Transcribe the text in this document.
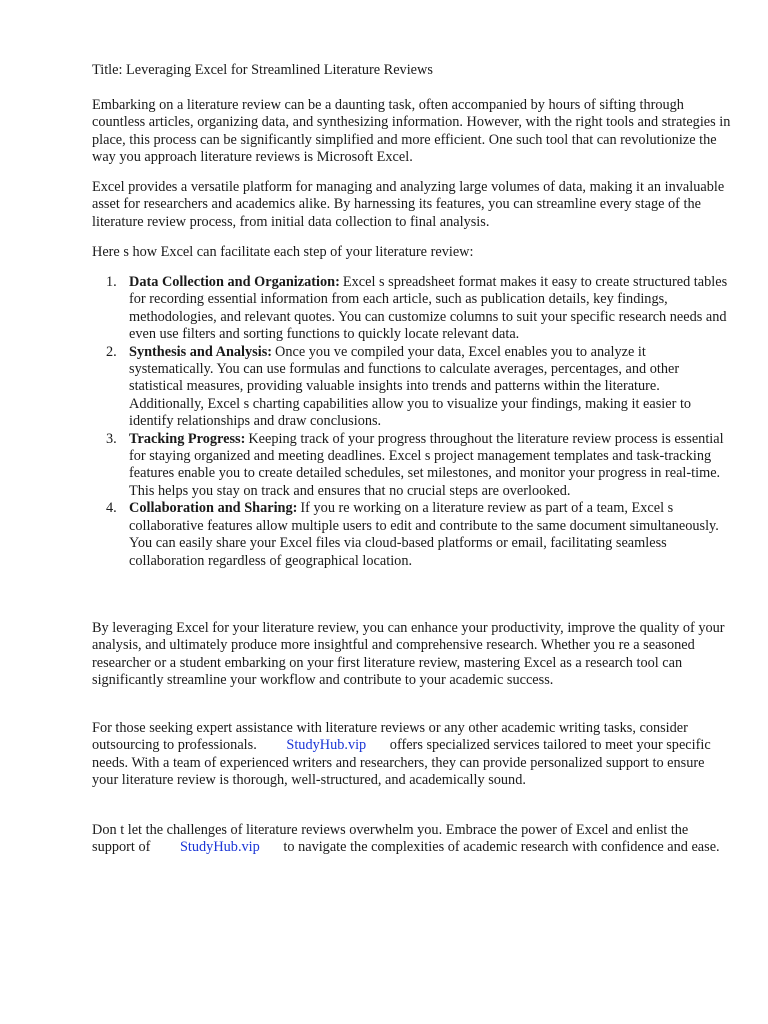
Title: Leveraging Excel for Streamlined Literature Reviews

Embarking on a literature review can be a daunting task, often accompanied by hours of sifting through countless articles, organizing data, and synthesizing information. However, with the right tools and strategies in place, this process can be significantly simplified and more efficient. One such tool that can revolutionize the way you approach literature reviews is Microsoft Excel.

Excel provides a versatile platform for managing and analyzing large volumes of data, making it an invaluable asset for researchers and academics alike. By harnessing its features, you can streamline every stage of the literature review process, from initial data collection to final analysis.

Here s how Excel can facilitate each step of your literature review:

1. Data Collection and Organization: Excel s spreadsheet format makes it easy to create structured tables for recording essential information from each article, such as publication details, key findings, methodologies, and relevant quotes. You can customize columns to suit your specific research needs and even use filters and sorting functions to quickly locate relevant data.
2. Synthesis and Analysis: Once you ve compiled your data, Excel enables you to analyze it systematically. You can use formulas and functions to calculate averages, percentages, and other statistical measures, providing valuable insights into trends and patterns within the literature. Additionally, Excel s charting capabilities allow you to visualize your findings, making it easier to identify relationships and draw conclusions.
3. Tracking Progress: Keeping track of your progress throughout the literature review process is essential for staying organized and meeting deadlines. Excel s project management templates and task-tracking features enable you to create detailed schedules, set milestones, and monitor your progress in real-time. This helps you stay on track and ensures that no crucial steps are overlooked.
4. Collaboration and Sharing: If you re working on a literature review as part of a team, Excel s collaborative features allow multiple users to edit and contribute to the same document simultaneously. You can easily share your Excel files via cloud-based platforms or email, facilitating seamless collaboration regardless of geographical location.

By leveraging Excel for your literature review, you can enhance your productivity, improve the quality of your analysis, and ultimately produce more insightful and comprehensive research. Whether you re a seasoned researcher or a student embarking on your first literature review, mastering Excel as a research tool can significantly streamline your workflow and contribute to your academic success.

For those seeking expert assistance with literature reviews or any other academic writing tasks, consider outsourcing to professionals. StudyHub.vip offers specialized services tailored to meet your specific needs. With a team of experienced writers and researchers, they can provide personalized support to ensure your literature review is thorough, well-structured, and academically sound.

Don t let the challenges of literature reviews overwhelm you. Embrace the power of Excel and enlist the support of StudyHub.vip to navigate the complexities of academic research with confidence and ease.
